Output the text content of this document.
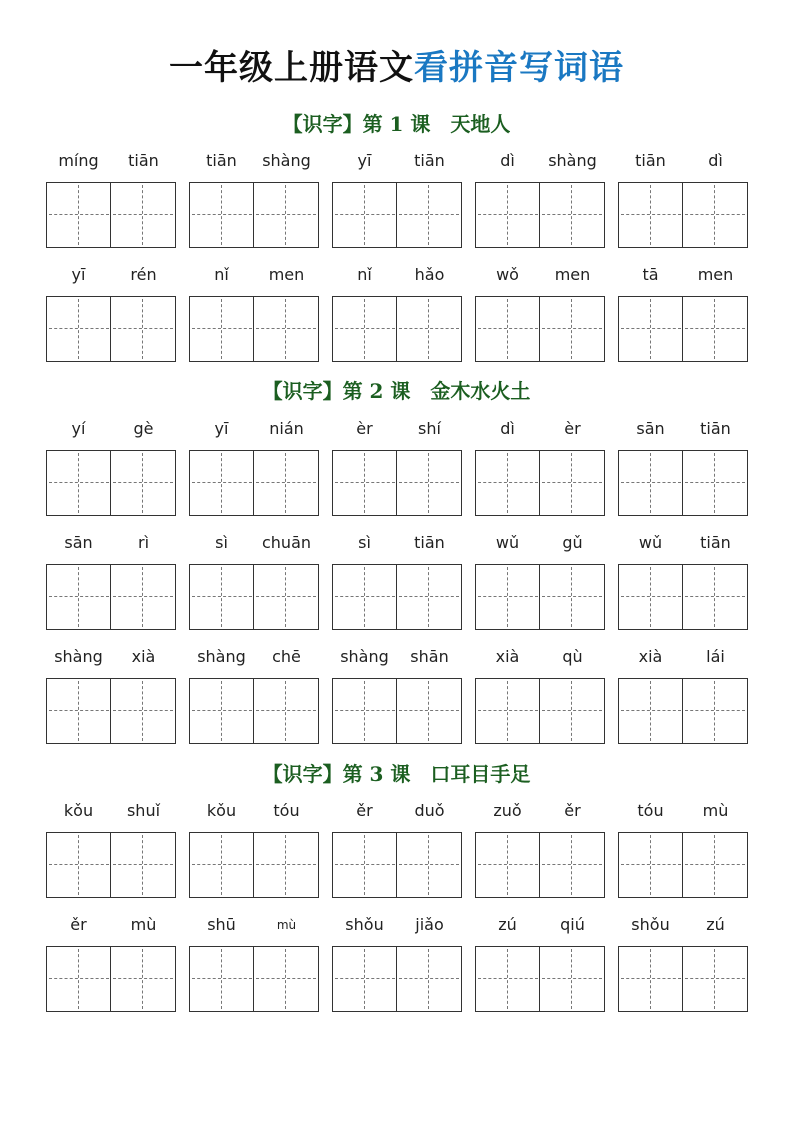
一年级上册语文看拼音写词语
【识字】第 1 课　天地人
míng	tiān	tiān	shàng	yī	tiān	dì	shàng	tiān	dì
yī	rén	nǐ	men	nǐ	hǎo	wǒ	men	tā	men
【识字】第 2 课　金木水火土
yí	gè	yī	nián	èr	shí	dì	èr	sān	tiān
sān	rì	sì	chuān	sì	tiān	wǔ	gǔ	wǔ	tiān
shàng	xià	shàng	chē	shàng	shān	xià	qù	xià	lái
【识字】第 3 课　口耳目手足
kǒu	shuǐ	kǒu	tóu	ěr	duǒ	zuǒ	ěr	tóu	mù
ěr	mù	shū	mù	shǒu	jiǎo	zú	qiú	shǒu	zú
